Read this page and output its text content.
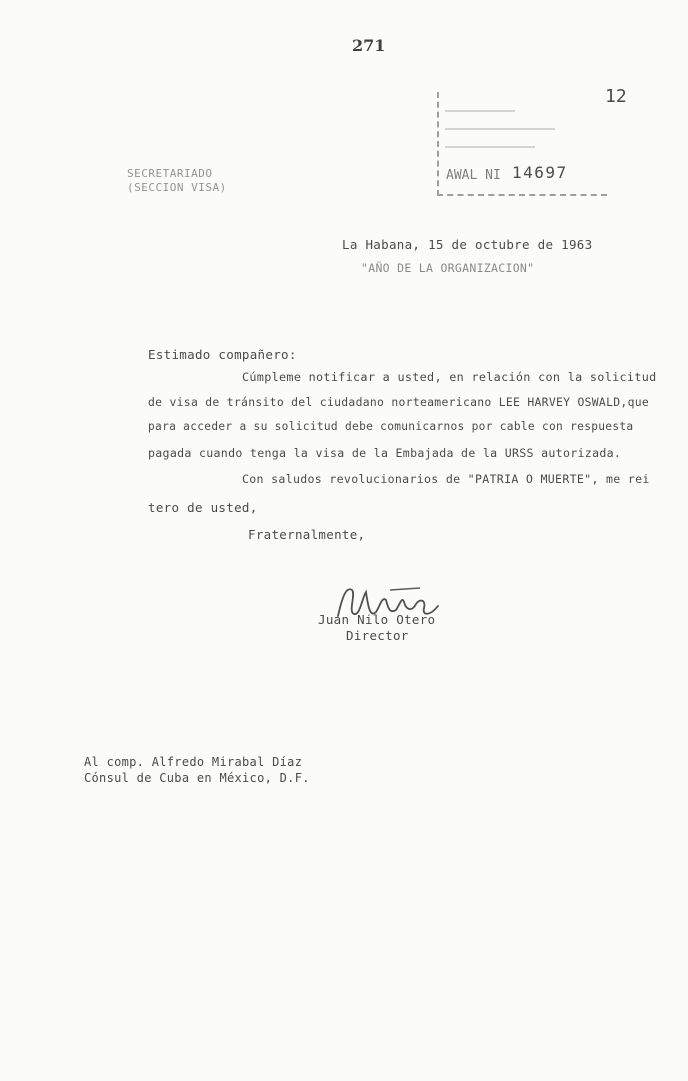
271
12
AWAL NI 14697
SECRETARIADO
(SECCION VISA)
La Habana, 15 de octubre de 1963
"AÑO DE LA ORGANIZACION"
Estimado compañero:
Cúmpleme notificar a usted, en relación con la solicitud
de visa de tránsito del ciudadano norteamericano LEE HARVEY OSWALD,que
para acceder a su solicitud debe comunicarnos por cable con respuesta
pagada cuando tenga la visa de la Embajada de la URSS autorizada.
Con saludos revolucionarios de "PATRIA O MUERTE", me rei
tero de usted,
Fraternalmente,
Juan Nilo Otero
Director
Al comp. Alfredo Mirabal Díaz
Cónsul de Cuba en México, D.F.
